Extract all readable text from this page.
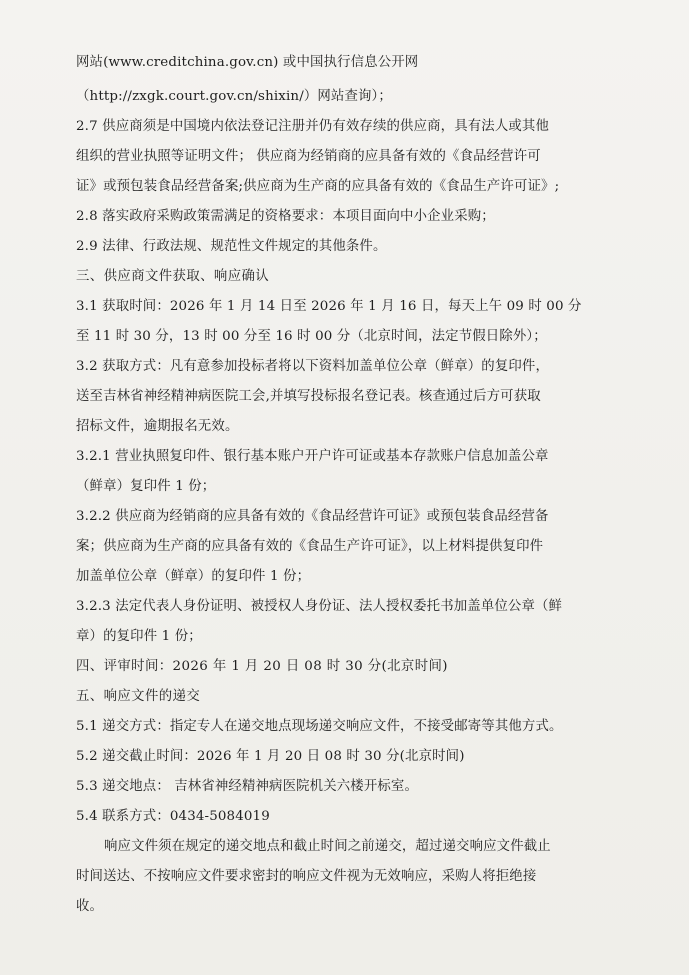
网站(www.creditchina.gov.cn) 或中国执行信息公开网
（http://zxgk.court.gov.cn/shixin/）网站查询）；
2.7 供应商须是中国境内依法登记注册并仍有效存续的供应商，具有法人或其他
组织的营业执照等证明文件； 供应商为经销商的应具备有效的《食品经营许可
证》或预包装食品经营备案;供应商为生产商的应具备有效的《食品生产许可证》;
2.8 落实政府采购政策需满足的资格要求：本项目面向中小企业采购；
2.9 法律、行政法规、规范性文件规定的其他条件。
三、供应商文件获取、响应确认
3.1 获取时间：2026 年 1 月 14 日至 2026 年 1 月 16 日，每天上午 09 时 00 分
至 11 时 30 分，13 时 00 分至 16 时 00 分（北京时间，法定节假日除外）；
3.2 获取方式：凡有意参加投标者将以下资料加盖单位公章（鲜章）的复印件，
送至吉林省神经精神病医院工会,并填写投标报名登记表。核查通过后方可获取
招标文件，逾期报名无效。
3.2.1 营业执照复印件、银行基本账户开户许可证或基本存款账户信息加盖公章
（鲜章）复印件 1 份；
3.2.2 供应商为经销商的应具备有效的《食品经营许可证》或预包装食品经营备
案；供应商为生产商的应具备有效的《食品生产许可证》，以上材料提供复印件
加盖单位公章（鲜章）的复印件 1 份；
3.2.3 法定代表人身份证明、被授权人身份证、法人授权委托书加盖单位公章（鲜
章）的复印件 1 份；
四、评审时间：2026 年 1 月 20 日 08 时 30 分(北京时间)
五、响应文件的递交
5.1 递交方式：指定专人在递交地点现场递交响应文件，不接受邮寄等其他方式。
5.2 递交截止时间：2026 年 1 月 20 日 08 时 30 分(北京时间)
5.3 递交地点： 吉林省神经精神病医院机关六楼开标室。
5.4 联系方式：0434-5084019
响应文件须在规定的递交地点和截止时间之前递交，超过递交响应文件截止
时间送达、不按响应文件要求密封的响应文件视为无效响应，采购人将拒绝接
收。
